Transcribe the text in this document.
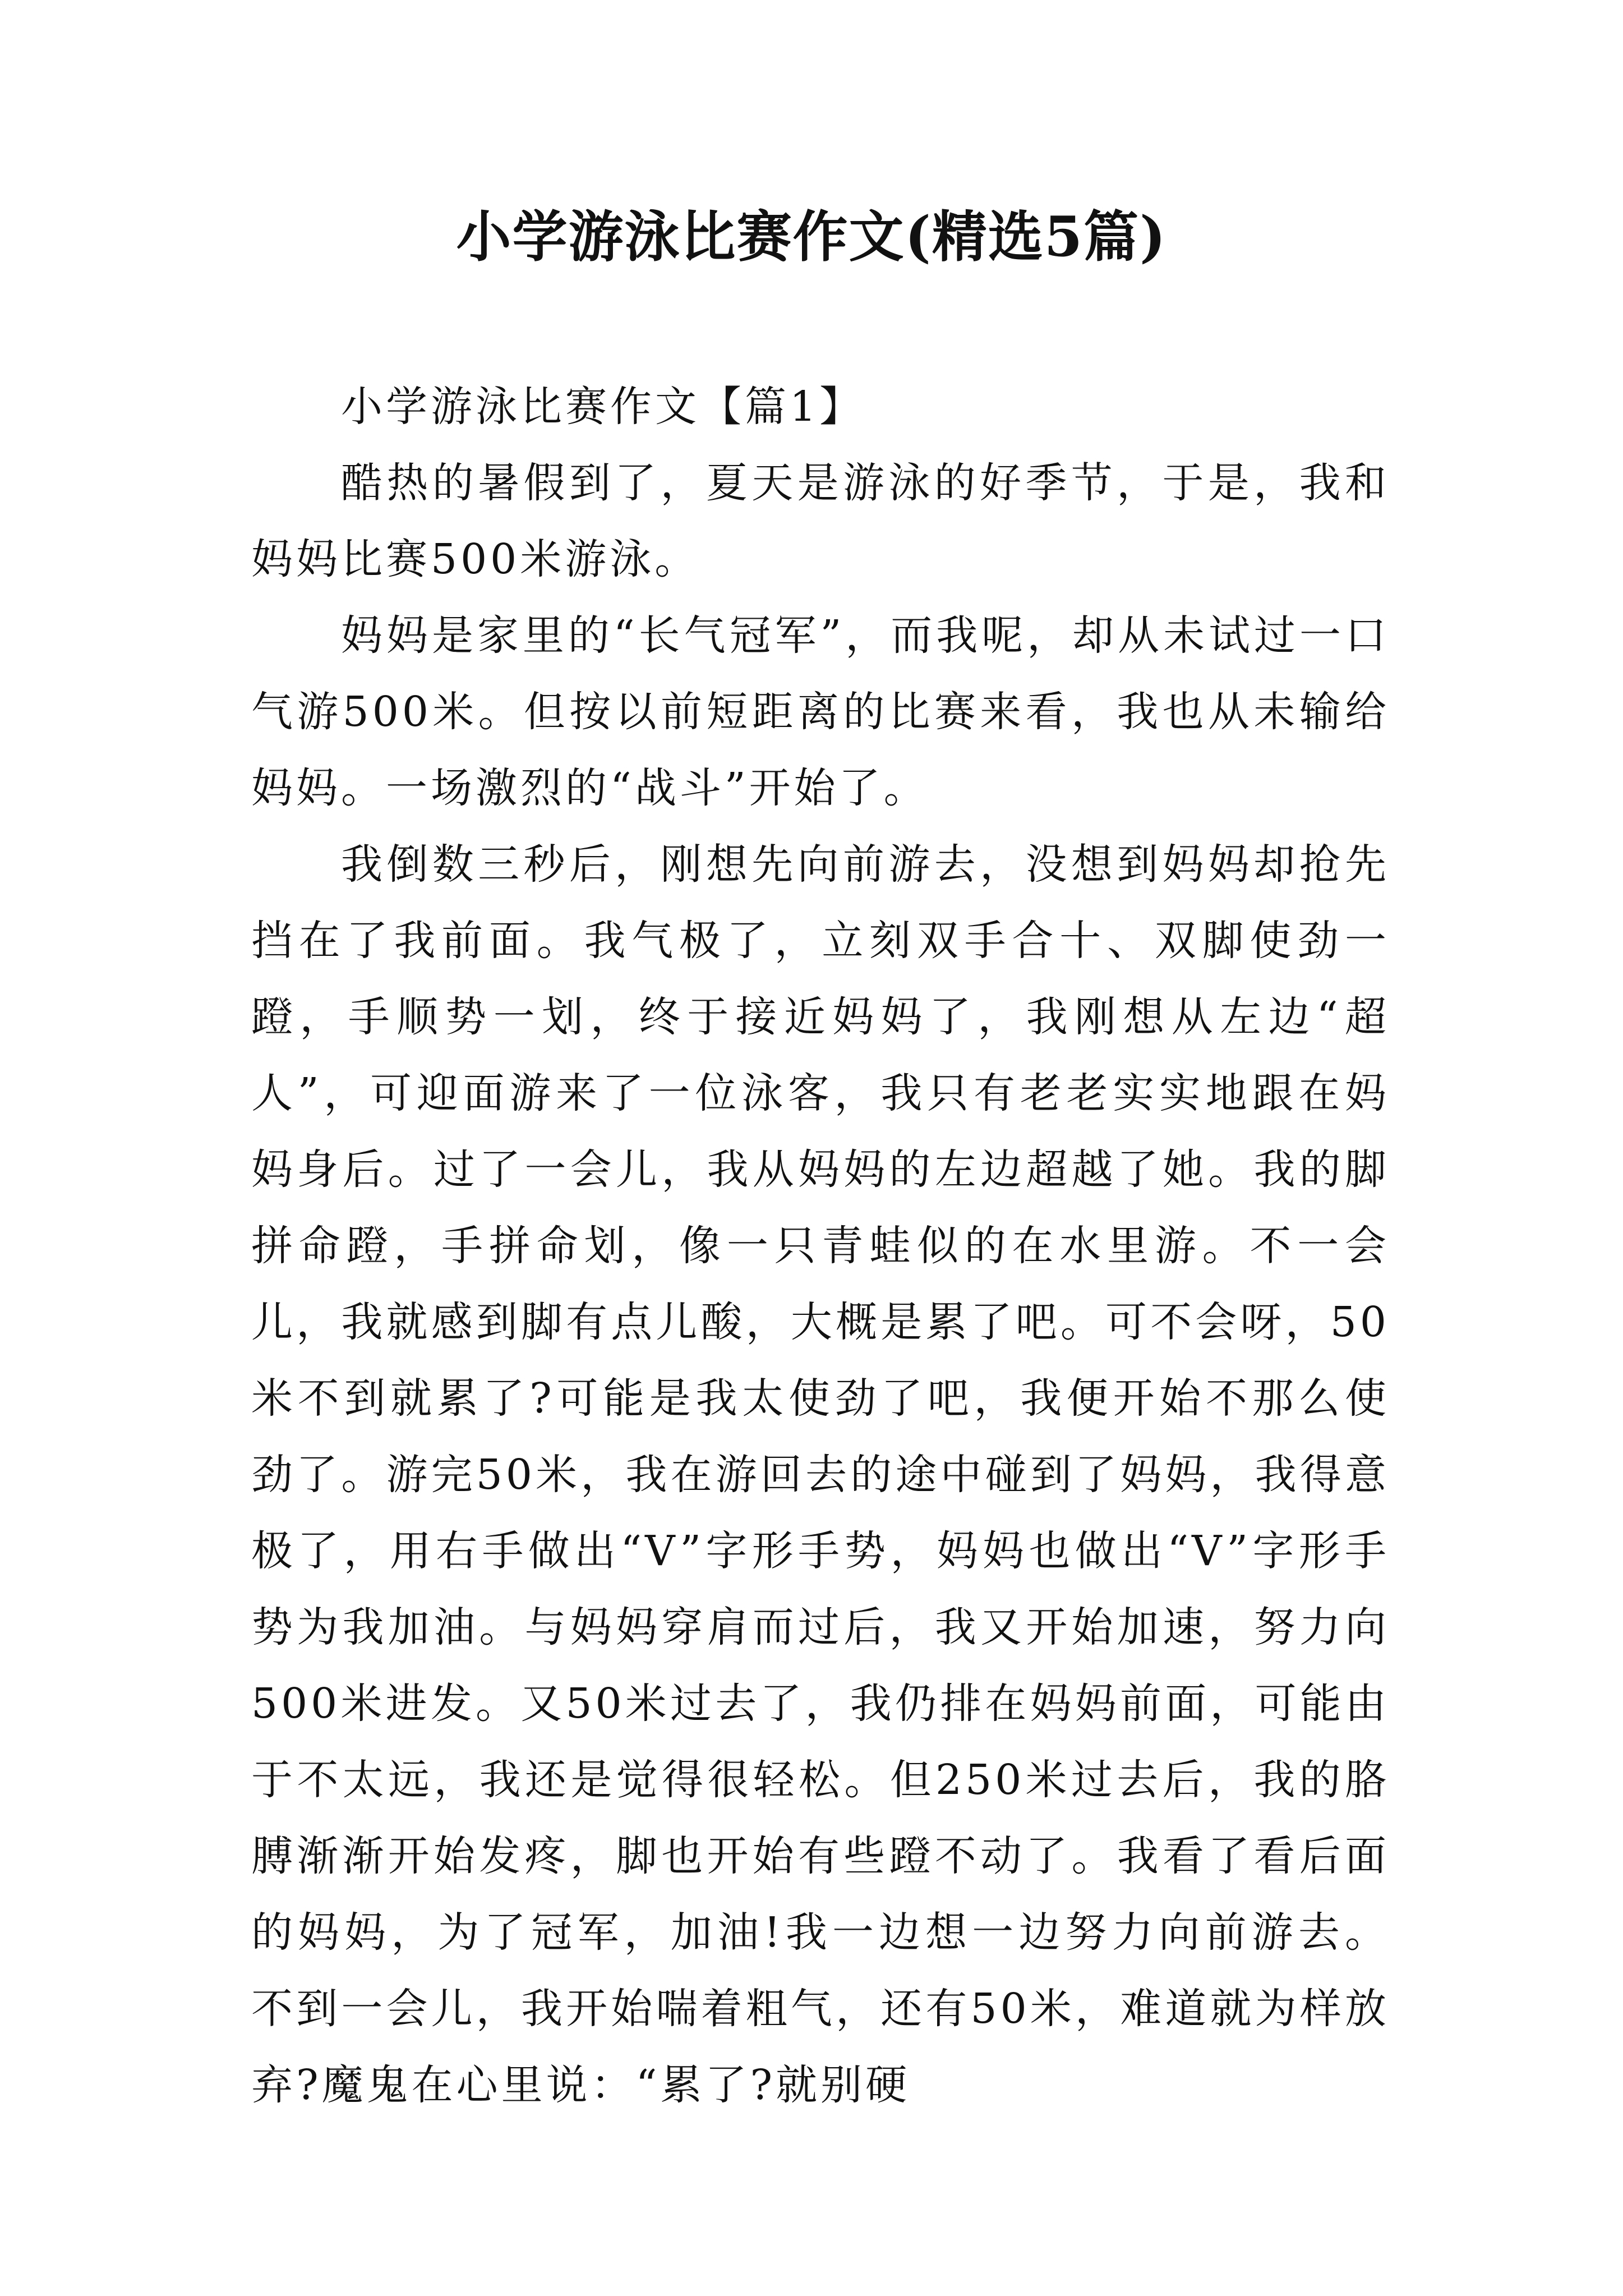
小学游泳比赛作文(精选5篇)
小学游泳比赛作文【篇1】

酷热的暑假到了，夏天是游泳的好季节，于是，我和妈妈比赛500米游泳。

妈妈是家里的“长气冠军”，而我呢，却从未试过一口气游500米。但按以前短距离的比赛来看，我也从未输给妈妈。一场激烈的“战斗”开始了。

我倒数三秒后，刚想先向前游去，没想到妈妈却抢先挡在了我前面。我气极了，立刻双手合十、双脚使劲一蹬，手顺势一划，终于接近妈妈了，我刚想从左边“超人”，可迎面游来了一位泳客，我只有老老实实地跟在妈妈身后。过了一会儿，我从妈妈的左边超越了她。我的脚拼命蹬，手拼命划，像一只青蛙似的在水里游。不一会儿，我就感到脚有点儿酸，大概是累了吧。可不会呀，50米不到就累了?可能是我太使劲了吧，我便开始不那么使劲了。游完50米，我在游回去的途中碰到了妈妈，我得意极了，用右手做出“V”字形手势，妈妈也做出“V”字形手势为我加油。与妈妈穿肩而过后，我又开始加速，努力向500米进发。又50米过去了，我仍排在妈妈前面，可能由于不太远，我还是觉得很轻松。但250米过去后，我的胳膊渐渐开始发疼，脚也开始有些蹬不动了。我看了看后面的妈妈，为了冠军，加油!我一边想一边努力向前游去。不到一会儿，我开始喘着粗气，还有50米，难道就为样放弃?魔鬼在心里说：“累了?就别硬
